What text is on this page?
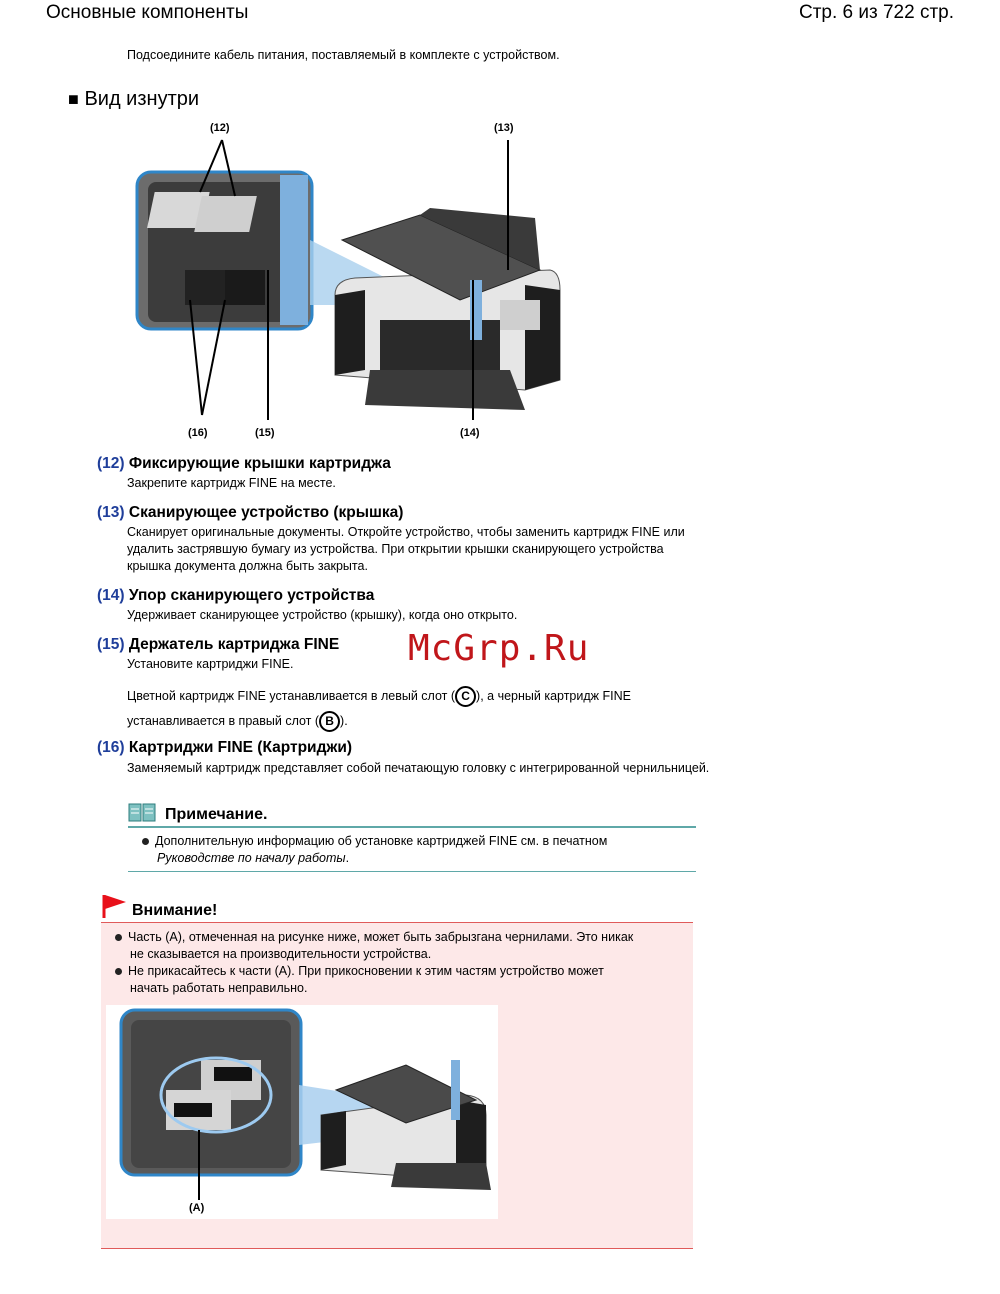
Основные компоненты	Стр. 6 из 722 стр.
Подсоедините кабель питания, поставляемый в комплекте с устройством.
■ Вид изнутри
(12)	(13)
(16)	(15)	(14)
(12) Фиксирующие крышки картриджа
Закрепите картридж FINE на месте.
(13) Сканирующее устройство (крышка)
Сканирует оригинальные документы. Откройте устройство, чтобы заменить картридж FINE или
удалить застрявшую бумагу из устройства. При открытии крышки сканирующего устройства
крышка документа должна быть закрыта.
(14) Упор сканирующего устройства
Удерживает сканирующее устройство (крышку), когда оно открыто.
(15) Держатель картриджа FINE
Установите картриджи FINE.	McGrp.Ru
Цветной картридж FINE устанавливается в левый слот ( C ), а черный картридж FINE
устанавливается в правый слот ( B ).
(16) Картриджи FINE (Картриджи)
Заменяемый картридж представляет собой печатающую головку с интегрированной чернильницей.
Примечание.
Дополнительную информацию об установке картриджей FINE см. в печатном
Руководстве по началу работы.
Внимание!
Часть (A), отмеченная на рисунке ниже, может быть забрызгана чернилами. Это никак
не сказывается на производительности устройства.
Не прикасайтесь к части (A). При прикосновении к этим частям устройство может
начать работать неправильно.
(A)
